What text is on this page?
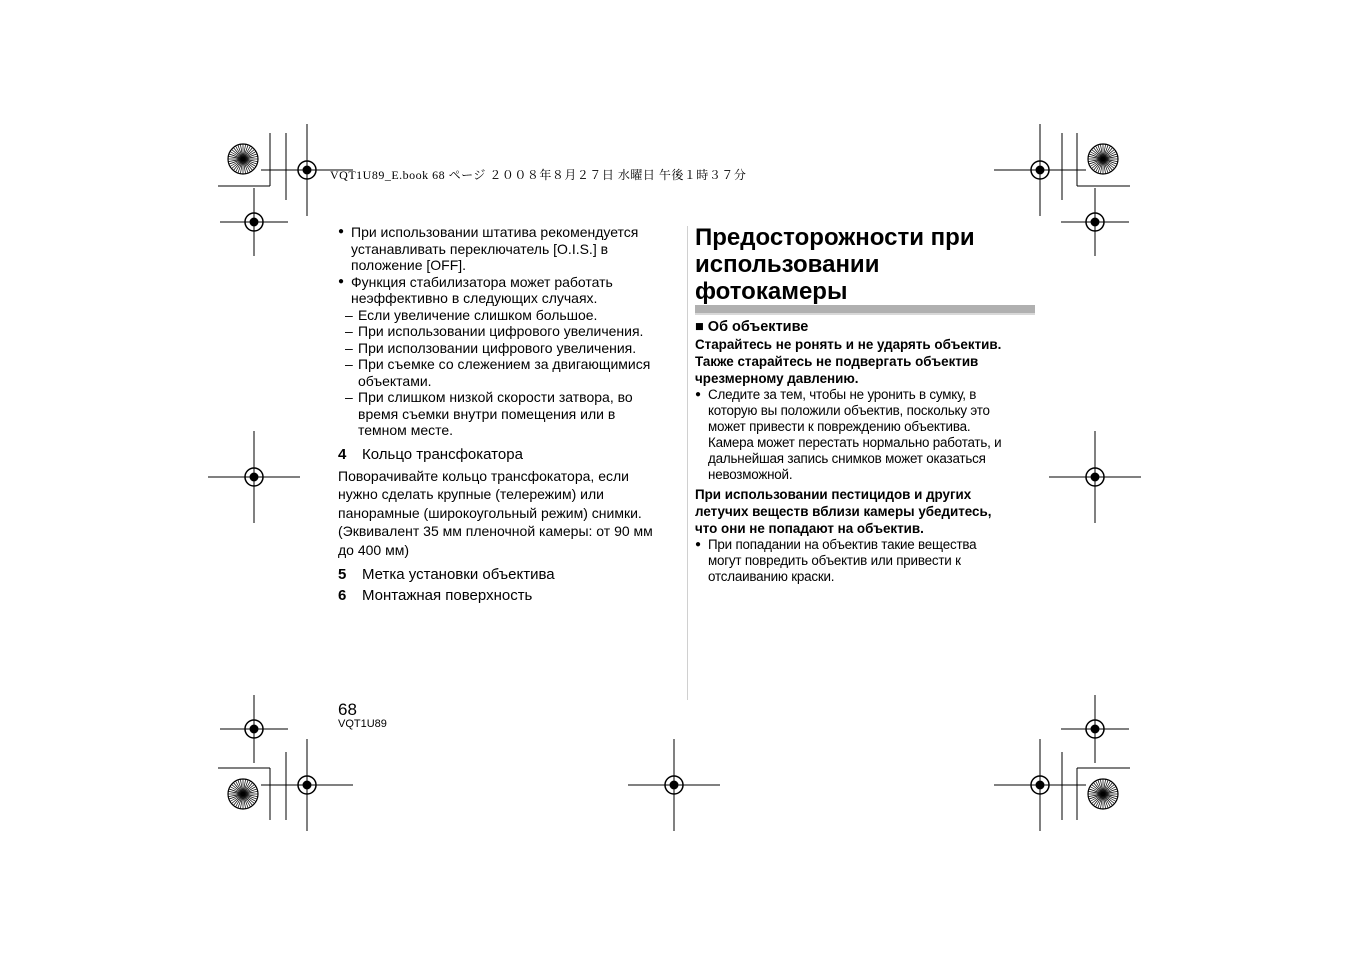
VQT1U89_E.book 68 ページ ２００８年８月２７日 水曜日 午後１時３７分
● При использовании штатива рекомендуется
устанавливать переключатель [O.I.S.] в
положение [OFF].
● Функция стабилизатора может работать
неэффективно в следующих случаях.
– Если увеличение слишком большое.
– При использовании цифрового увеличения.
– При исползовании цифрового увеличения.
– При съемке со слежением за двигающимися
объектами.
– При слишком низкой скорости затвора, во
время съемки внутри помещения или в
темном месте.
4 Кольцо трансфокатора
Поворачивайте кольцо трансфокатора, если
нужно сделать крупные (телережим) или
панорамные (широкоугольный режим) снимки.
(Эквивалент 35 мм пленочной камеры: от 90 мм
до 400 мм)
5 Метка установки объектива
6 Монтажная поверхность
Предосторожности при
использовании
фотокамеры
■ Об объективе
Старайтесь не ронять и не ударять объектив.
Также старайтесь не подвергать объектив
чрезмерному давлению.
● Следите за тем, чтобы не уронить в сумку, в
которую вы положили объектив, поскольку это
может привести к повреждению объектива.
Камера может перестать нормально работать, и
дальнейшая запись снимков может оказаться
невозможной.
При использовании пестицидов и других
летучих веществ вблизи камеры убедитесь,
что они не попадают на объектив.
● При попадании на объектив такие вещества
могут повредить объектив или привести к
отслаиванию краски.
68
VQT1U89
